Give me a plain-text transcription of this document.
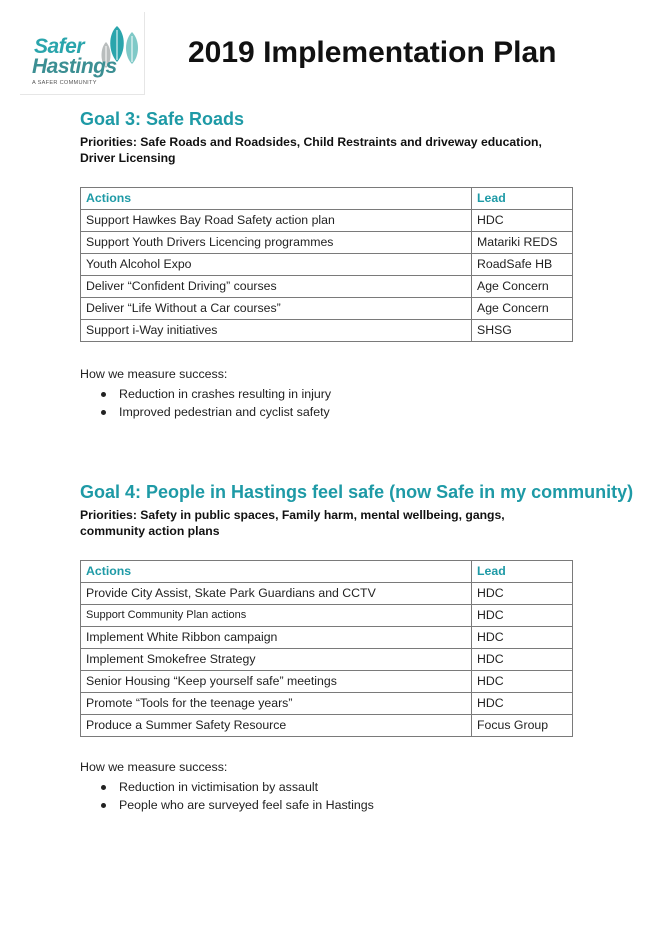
Safer
Hastings
A SAFER COMMUNITY
2019 Implementation Plan
Goal 3: Safe Roads

Priorities: Safe Roads and Roadsides, Child Restraints and driveway education, Driver Licensing

Actions	Lead
Support Hawkes Bay Road Safety action plan	HDC
Support Youth Drivers Licencing programmes	Matariki REDS
Youth Alcohol Expo	RoadSafe HB
Deliver “Confident Driving” courses	Age Concern
Deliver “Life Without a Car courses”	Age Concern
Support i-Way initiatives	SHSG

How we measure success:

Reduction in crashes resulting in injury
Improved pedestrian and cyclist safety
Goal 4: People in Hastings feel safe (now Safe in my community)

Priorities: Safety in public spaces, Family harm, mental wellbeing, gangs, community action plans

Actions	Lead
Provide City Assist, Skate Park Guardians and CCTV	HDC
Support Community Plan actions	HDC
Implement White Ribbon campaign	HDC
Implement Smokefree Strategy	HDC
Senior Housing “Keep yourself safe” meetings	HDC
Promote “Tools for the teenage years”	HDC
Produce a Summer Safety Resource	Focus Group

How we measure success:

Reduction in victimisation by assault
People who are surveyed feel safe in Hastings
